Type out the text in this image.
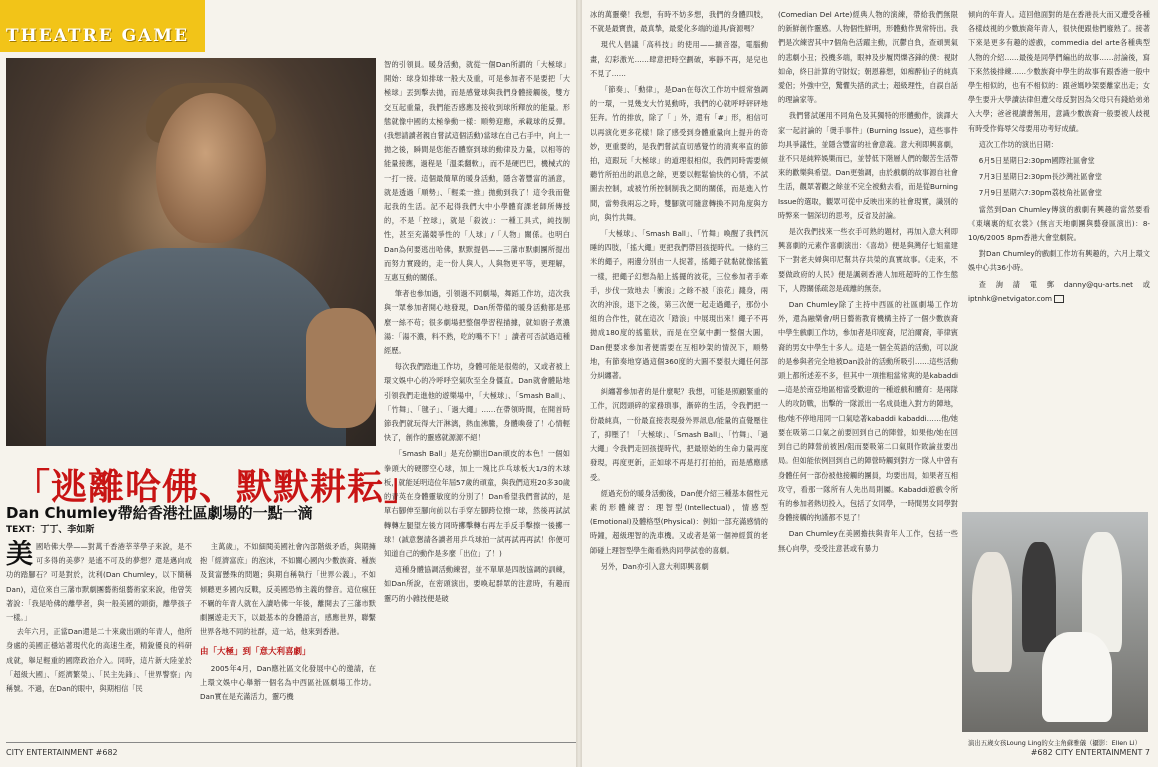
THEATRE GAME
「逃離哈佛、默默耕耘」
Dan Chumley帶給香港社區劇場的一點一滴
TEXT：丁丁、李如斯
美 國哈佛大學——對萬千香港莘莘學子來說，是不可多得的美夢？是遙不可及的夢想？還是邁向成功的踏腳石？可是對於，沈利(Dan Chumley，以下簡稱Dan)，這位來自三藩市默劇團藝術組藝術家來說，他曾笑著說：「我是哈佛的離學者，與一般美國的頭銜，離學孩子一樣。」

去年六月，正當Dan還是二十來歲出頭的年青人，他所身處的美國正穩站著現代化的高速生產，精銳優良的科研成就，舉足輕重的國際政治介入。同時，這片新大陸並於「超級大國」、「經濟繁榮」、「民主先鋒」、「世界警察」內稱號。不過，在Dan的眼中，與期相信「民

主萬歲」，不如細閱美國社會內部階級矛盾，與期擁抱「經濟富庶」的泡沫，不如關心國內少數族裔、種族及貧富懸殊的問題；與期自稱執行「世界公義」，不如傾聽更多國內反戰，反美國恐怖主義的聲音。這位瘋狂不羈的年青人就在入讀哈佛一年後，離開去了三藩市默劇團遊走天下，以最基本的身體語言，感應世界，聯繫世界各地不同的社群，這一站，他來到香港。

由「大極」到「意大利喜劇」

2005年4月，Dan應社區文化發展中心的邀請，在上環文娛中心舉辦一個名為中西區社區劇場工作坊。Dan實在是充滿活力，靈巧機

智的引領員。暖身活動，就從一個Dan所謂的「大極球」開始：球身如排球一般大及重，可是參加者不是要把「大極球」丟到擊去拋，而是感覺球與我們身體接觸後，雙方交互起重量，我們能否感應及接收到球所釋放的能量。形態就像中國的太極拳動一樣：順勢迎應，承載球的反彈。(我想請讀者親自嘗試這個活動)當球在自己右手中，向上一拋之後，瞬間是您能否體察到球的動律及力量，以相等的能量接應，過程是「溫柔翻軟」，而不是硬巴巴，機械式的一打一接。這個最簡單的暖身活動，隱含著豐富的涵意，就是透過「順勢」、「輕柔一推」拋動到我了！這令我而覺起我的生活。記不起得我們大中小學體育課老師所傳授的，不是「控球」，就是「殺波」：一種工具式，純技制性，甚至充滿競爭性的「人球」/「人物」關係。也明白Dan為何要逃出哈佛，默默提倡——三藩市默劇團所提出而努力實踐的，走一份人與人，人與物更平等，更理解，互惠互動的關係。

筆者也參加過，引領過不同劇場，舞蹈工作坊，這次我與一眾參加者開心地發現，Dan所帶備的暖身活動都是那麼一絲不苟；很多劇場把整個學習程描據，就如廚子煮濃湯：「湯不濃，料不熟，吃的嘴不下！」讀者可否試過這種經歷。

每次我們踏進工作坊，身體可能是很倦的，又或者被上環文娛中心的冷呼呼空氣吹至全身僵直。Dan就會體貼地引領我們走進他的遊樂場中，「大極球」、「Smash Ball」、「竹舞」、「毽子」、「過大繩」……在帶領時間，在開首時節我們就玩得大汗淋漓，熱血沸騰，身體喚發了！心情輕快了，創作的靈感就源源不絕！

「Smash Ball」是充份顯出Dan頑皮的本色！一個如拳頭大的硬膠空心球，加上一塊比乒乓球板大1/3的木球板，就能延明這位年屆57歲的頑童，與我們這班20多30歲的青英在身體靈敏度的分別了！Dan希望我們嘗試的，是單右腳伸至腳向前以右手穿左腳跨位擦一球，然後再試試轉轉左腿望左後方同時擲擊轉右再左手反手擊擦一後擲一球！(誠意懇請各讀者用乒乓球拍一試再試再再試！你便可知道自己的動作是多麼「出位」了！)

這種身體協調活動練習，並不單單是四肢協調的訓練，如Dan所說，在密頭演出，要喚起群眾的注意時，有趣而靈巧的小雜技便是破

CITY ENTERTAINMENT #682

冰的萬靈藥！我想，有時不妨多想，我們的身體四肢，不就是最寶貴，最真摯，最愛化多端的道具/資源嗎？

現代人倡議「高科技」的使用——擴音器，電腦動畫，幻彩激光……肆意把時空劃破，寧靜不再，是兒也不見了……

「節奏」、「動律」，是Dan在每次工作坊中經常強調的一環，一見幾支大竹晃動時，我們的心就呼呼砰砰地狂奔。竹的排放，除了「 」外，還有「#」形，相信可以再演化更多花樣！除了感受到身體重量向上提升的奇妙，更重要的，是我們嘗試直切感覺竹的清爽率直的節拍，這跟玩「大極球」的道理很相似，我們同時需要傾聽竹所拍出的訊息之餘，更要以輕鬆愉快的心情，不試圖去控制，或被竹所控制制我之間的關係，而是進入竹間，當勢我兩忘之時，雙腳就可隨意轉換不同角度與方向，與竹共舞。

「大極球」、「Smash Ball」、「竹舞」喚醒了我們沉睡的四肢，「搖大繩」更把我們帶回孩提時代。一條約三米的繩子，兩邊分別由一人捉著，搖繩子就黏就像搖籃一樣，把繩子幻想為船上搖擺的波花，三位參加者手牽手，步伐一致地去「衝浪」之餘不被「浪花」濺身，兩次的沖浪，退下之後，第三次便一起走過繩子，那份小組的合作性，就在這次「踏浪」中展現出來！繩子不再拋成180度的搖籃狀，而是在空氣中劃一整個大圓，Dan便要求參加者便需要在互相吵架的情況下，順勢地，有節奏地穿過這個360度的大圓不要很大繩任何部分糾纏著。

糾纏著參加者的是什麼呢？我想，可能是照顧緊重的工作，沉悶頭碎的家務瑣事，漸碎的生活，令我們把一份最純真，一份最直接表現發外界訊息/能量的直覺壓住了，抑壓了！「大極球」、「Smash Ball」、「竹舞」、「過大繩」令我們走回孩提時代，把最原始的生命力量再度發現，再度更新，正如球不再是打打拍拍，而是感應感受。

經過充份的暖身活動後，Dan便介紹三種基本個性元素的形體練習：理智型(Intellectual)，情感型(Emotional)及體格型(Physical)：例如一部充滿感情的時鐘，超級理智的洗車機。又或者是第一個神經質的老師碰上理智型學生衛看熟肉同學試卷的喜劇。

另外，Dan亦引入意大利即興喜劇

(Comedian Del Arte)經典人物的演練，帶給我們無限的新鮮創作靈感。人物個性鮮明，形體動作異常特出。我們是次練習其中7個角色活躍主動，沉鬱自負，查頑異氣的悲劇小丑；投機多端，眼神及步履閃爍吝鋒的僕：視財如命，終日計算的守財奴；朝恩暮想，如痴醉仙子的純真愛侶；外強中空，驚懼失措的武士；超級理性，自誤自話的理論家等。

我們嘗試運用不同角色及其獨特的形體動作，演譯大家一起討論的「燙手事件」(Burning Issue)，這些事件均具爭議性，並隱含豐富的社會意義。意大利即興喜劇，並不只是純粹娛樂而已，並替低下階層人們的艱苦生活帶來的歡樂與希望。Dan更強調，由於戲劇的故事源自社會生活，觀眾著觀之餘並不完全被動去看，而是從Burning Issue的選取，觀眾可從中反映出來的社會現實，識別的時弊來一個深切的思考，反省及討論。

是次我們找來一些衣手可熟的題材，再加入意大利即興喜劇的元素作喜劇演出：《喜劫》便是與灣仔七姐童建下一對老夫婦與印尼幫共存共榮的真實故事。《走來，不要做政府的人民》便是諷刺香港人加班超時的工作生態下，人際關係疏忽是疏離的無奈。

Dan Chumley除了主持中西區的社區劇場工作坊外，還為融樂會/明日藝術教育機構主持了一個少數族裔中學生戲劇工作坊，參加者是印度裔，尼泊爾裔，菲律賓裔的男女中學生十多人。這是一個全英語的活動，可以說的是參與者完全地被Dan設計的活動所吸引……這些活動頭上都所述差不多，但其中一項推粗當常爽的是kabaddi—這是於南亞地區相當受歡迎的一種遊戲和體育：是兩隊人的攻防戰，出擊的一隊派出一名成員進入對方的陣地，他/她不停地用同一口氣唸著kabaddi kabaddi……他/她要在吸第二口氣之前要回到自己的陣營，如果他/她在回到自己的陣營前被困/阻而要吸第二口氣則作敗論並要出局。但如能依例回到自己的陣營時觸到對方一隊人中曾有身體任何一部份被他接觸的團員，均要出局，如果者互相攻守，看那一隊所有人先出局則屬。Kabaddi遊戲令所有的參加者熱切投入，包括了女同學，一時間男女同學對身體接觸的拘謹都不見了！

Dan Chumley在美國擔扶與青年人工作，包括一些無心向學，受受注意甚或有暴力

傾向的年青人。這回他面對的是在香港長大而又遭受各種各樣歧視的少數族裔年青人，很快便跟他們廢熟了。接著下來是更多有趣的遊戲，commedia del arte各種典型人物的介紹……最後是同學們編出的故事……討論後，寫下來然後排練……少數族裔中學生的故事有跟香港一般中學生相似的，也有不相似的：跟爸媽吵架要離家出走；女學生要升大學讀法律但遭父母反對因為父母只有錢給弟弟入大學；爸爸視讀書無用，意識少數族裔一般要被人歧視有時受作侮辱父母要用功考好成績。

這次工作坊的演出日期：

6月5日星期日2:30pm國際社區會堂

7月3日星期日2:30pm長沙灣社區會堂

7月9日星期六7:30pm荔枝角社區會堂

當然到Dan Chumley傳演的戲劇有興趣的當然要看《東壤裏的紅衣裳》(無言天地劇團與藝發區演出)：8-10/6/2005 8pm香港大會堂劇院。

對Dan Chumley的戲劇工作坊有興趣的，六月上環文娛中心共36小時。

查詢請電郵danny@qu-arts.net或iptnhk@netvigator.com

#682 CITY ENTERTAINMENT 7
演出五歲女孩Loung Ling的女主角蘇雅儀（攝影：Ellen Li）
